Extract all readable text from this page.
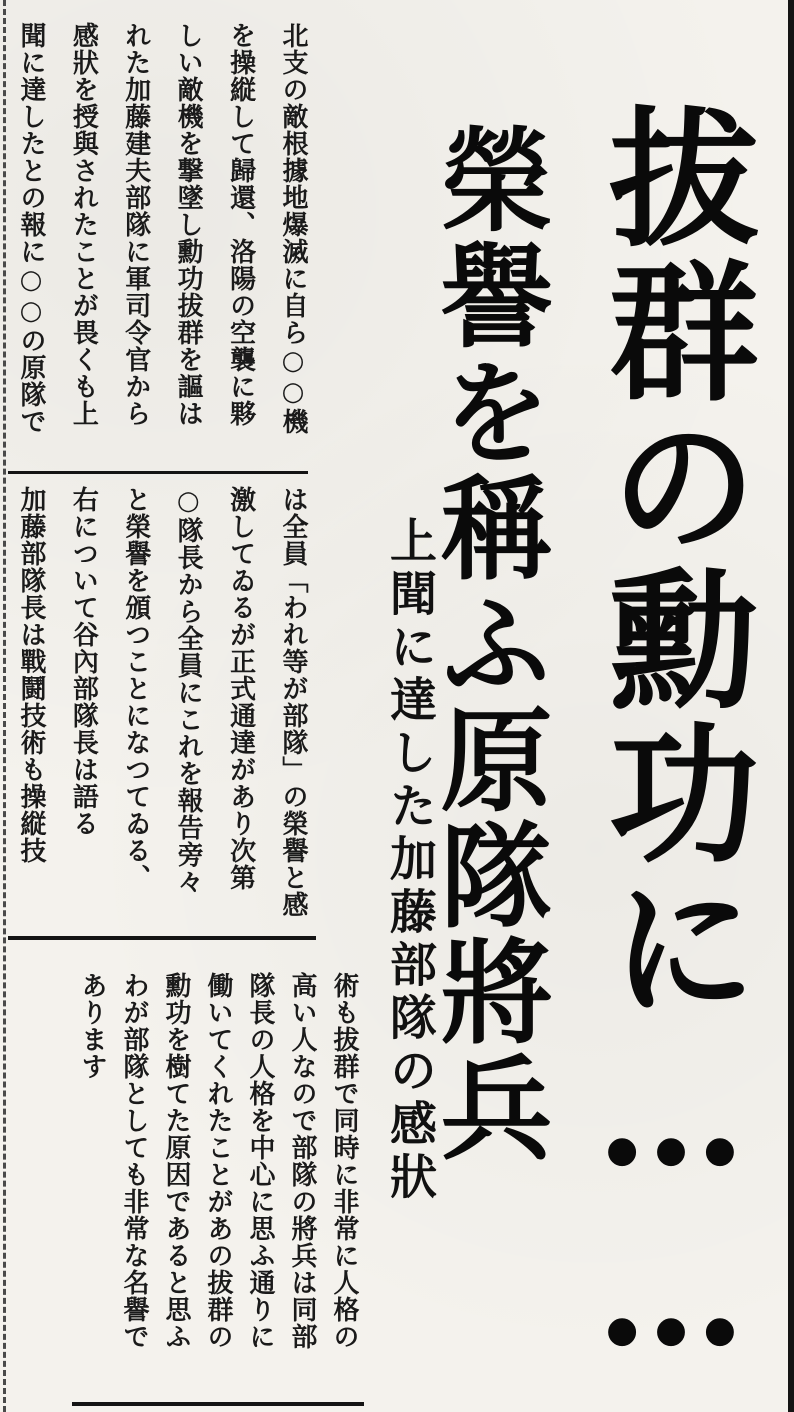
拔群の勳功に……
榮譽を稱ふ原隊將兵
上聞に達した加藤部隊の感狀
北支の敵根據地爆滅に自ら○○機
を操縦して歸還、洛陽の空襲に夥
しい敵機を撃墜し勳功拔群を謳は
れた加藤建夫部隊に軍司令官から
感狀を授與されたことが畏くも上
聞に達したとの報に○○の原隊で
は全員「われ等が部隊」の榮譽と感
激してゐるが正式通達があり次第
○隊長から全員にこれを報告旁々
と榮譽を頒つことになつてゐる、
右について谷內部隊長は語る
加藤部隊長は戰鬪技術も操縦技
術も拔群で同時に非常に人格の
高い人なので部隊の將兵は同部
隊長の人格を中心に思ふ通りに
働いてくれたことがあの拔群の
勳功を樹てた原因であると思ふ
わが部隊としても非常な名譽で
あります
